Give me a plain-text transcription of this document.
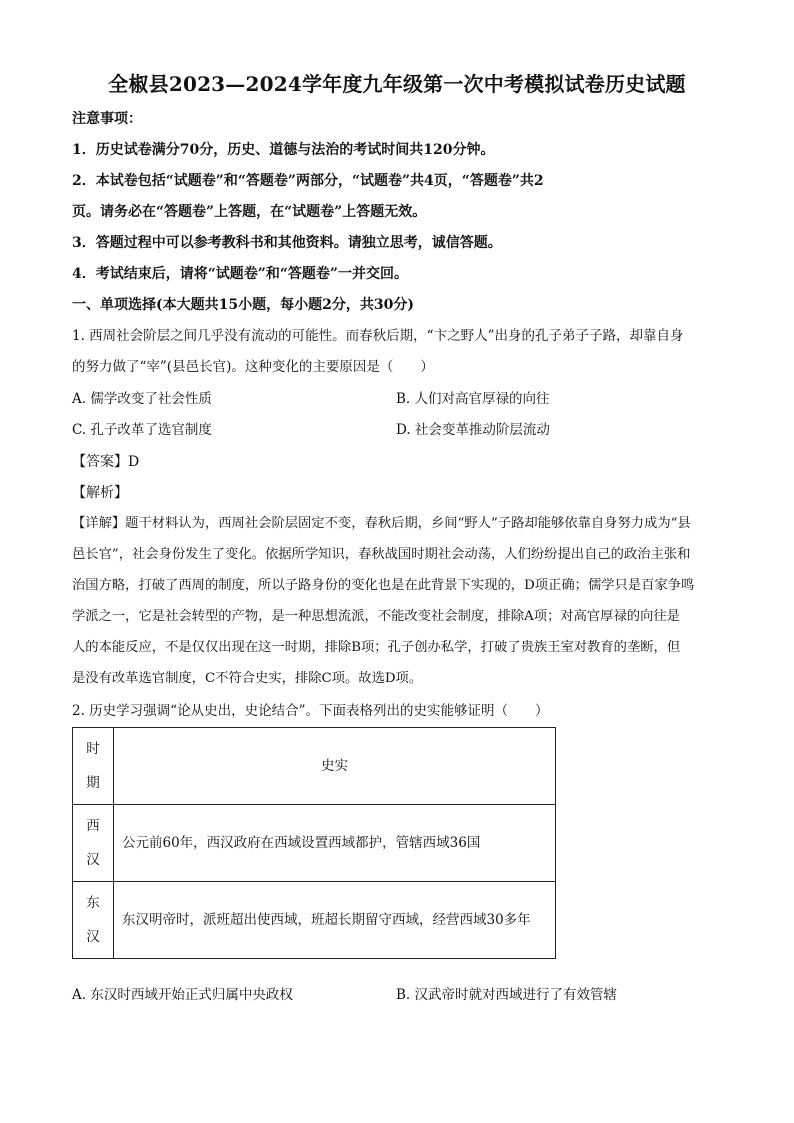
全椒县2023—2024学年度九年级第一次中考模拟试卷历史试题
注意事项：
1．历史试卷满分70分，历史、道德与法治的考试时间共120分钟。
2．本试卷包括“试题卷”和“答题卷”两部分，“试题卷”共4页，“答题卷”共2
页。请务必在“答题卷”上答题，在“试题卷”上答题无效。
3．答题过程中可以参考教科书和其他资料。请独立思考，诚信答题。
4．考试结束后，请将“试题卷”和“答题卷”一并交回。
一、单项选择(本大题共15小题，每小题2分，共30分)
1. 西周社会阶层之间几乎没有流动的可能性。而春秋后期，“卞之野人”出身的孔子弟子子路，却靠自身
的努力做了“宰”(县邑长官)。这种变化的主要原因是（　　）
A. 儒学改变了社会性质	B. 人们对高官厚禄的向往
C. 孔子改革了选官制度	D. 社会变革推动阶层流动
【答案】D
【解析】
【详解】题干材料认为，西周社会阶层固定不变，春秋后期，乡间“野人”子路却能够依靠自身努力成为“县
邑长官”，社会身份发生了变化。依据所学知识，春秋战国时期社会动荡，人们纷纷提出自己的政治主张和
治国方略，打破了西周的制度，所以子路身份的变化也是在此背景下实现的，D项正确；儒学只是百家争鸣
学派之一，它是社会转型的产物，是一种思想流派，不能改变社会制度，排除A项；对高官厚禄的向往是
人的本能反应，不是仅仅出现在这一时期，排除B项；孔子创办私学，打破了贵族王室对教育的垄断，但
是没有改革选官制度，C不符合史实，排除C项。故选D项。
2. 历史学习强调“论从史出，史论结合”。下面表格列出的史实能够证明（　　）
时
期	史实

西
汉	公元前60年，西汉政府在西域设置西域都护，管辖西域36国

东
汉	东汉明帝时，派班超出使西域，班超长期留守西域，经营西域30多年
A. 东汉时西域开始正式归属中央政权	B. 汉武帝时就对西域进行了有效管辖
